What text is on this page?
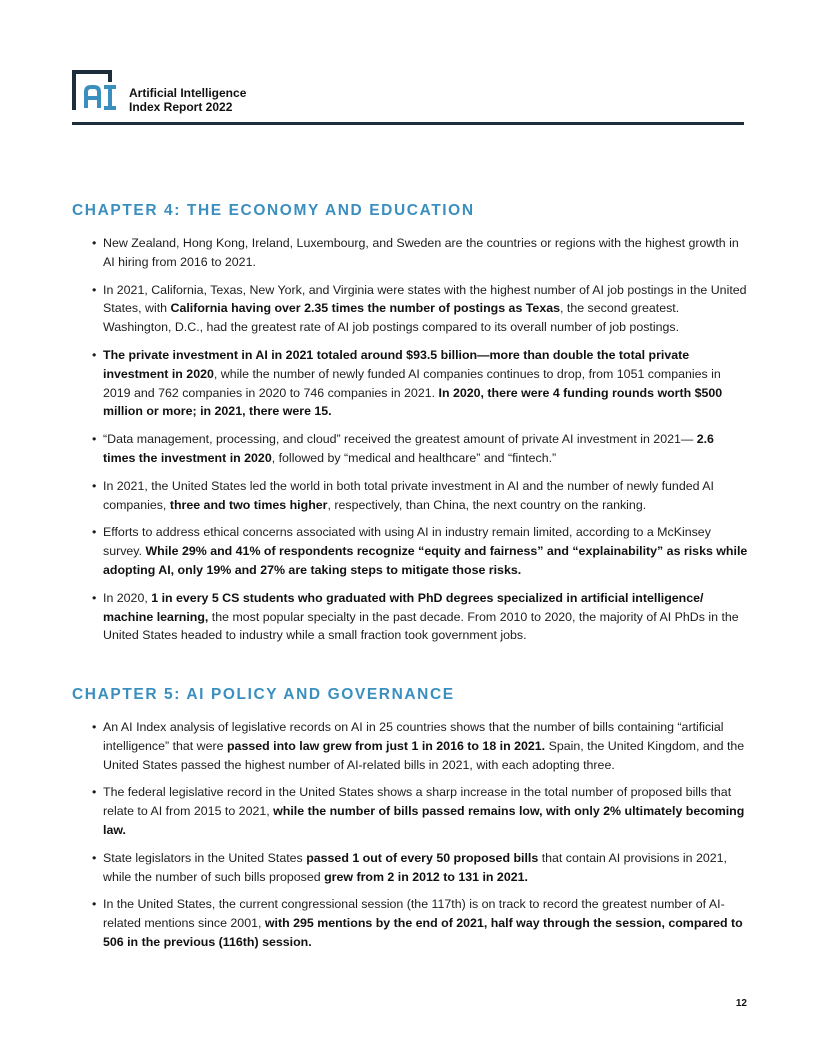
Artificial Intelligence
Index Report 2022
CHAPTER 4: THE ECONOMY AND EDUCATION
• New Zealand, Hong Kong, Ireland, Luxembourg, and Sweden are the countries or regions with the highest growth in AI hiring from 2016 to 2021.
• In 2021, California, Texas, New York, and Virginia were states with the highest number of AI job postings in the United States, with California having over 2.35 times the number of postings as Texas, the second greatest. Washington, D.C., had the greatest rate of AI job postings compared to its overall number of job postings.
• The private investment in AI in 2021 totaled around $93.5 billion—more than double the total private investment in 2020, while the number of newly funded AI companies continues to drop, from 1051 companies in 2019 and 762 companies in 2020 to 746 companies in 2021. In 2020, there were 4 funding rounds worth $500 million or more; in 2021, there were 15.
• “Data management, processing, and cloud” received the greatest amount of private AI investment in 2021— 2.6 times the investment in 2020, followed by “medical and healthcare” and “fintech.”
• In 2021, the United States led the world in both total private investment in AI and the number of newly funded AI companies, three and two times higher, respectively, than China, the next country on the ranking.
• Efforts to address ethical concerns associated with using AI in industry remain limited, according to a McKinsey survey. While 29% and 41% of respondents recognize “equity and fairness” and “explainability” as risks while adopting AI, only 19% and 27% are taking steps to mitigate those risks.
• In 2020, 1 in every 5 CS students who graduated with PhD degrees specialized in artificial intelligence/ machine learning, the most popular specialty in the past decade. From 2010 to 2020, the majority of AI PhDs in the United States headed to industry while a small fraction took government jobs.
CHAPTER 5: AI POLICY AND GOVERNANCE
• An AI Index analysis of legislative records on AI in 25 countries shows that the number of bills containing “artificial intelligence” that were passed into law grew from just 1 in 2016 to 18 in 2021. Spain, the United Kingdom, and the United States passed the highest number of AI-related bills in 2021, with each adopting three.
• The federal legislative record in the United States shows a sharp increase in the total number of proposed bills that relate to AI from 2015 to 2021, while the number of bills passed remains low, with only 2% ultimately becoming law.
• State legislators in the United States passed 1 out of every 50 proposed bills that contain AI provisions in 2021, while the number of such bills proposed grew from 2 in 2012 to 131 in 2021.
• In the United States, the current congressional session (the 117th) is on track to record the greatest number of AI-related mentions since 2001, with 295 mentions by the end of 2021, half way through the session, compared to 506 in the previous (116th) session.
12
